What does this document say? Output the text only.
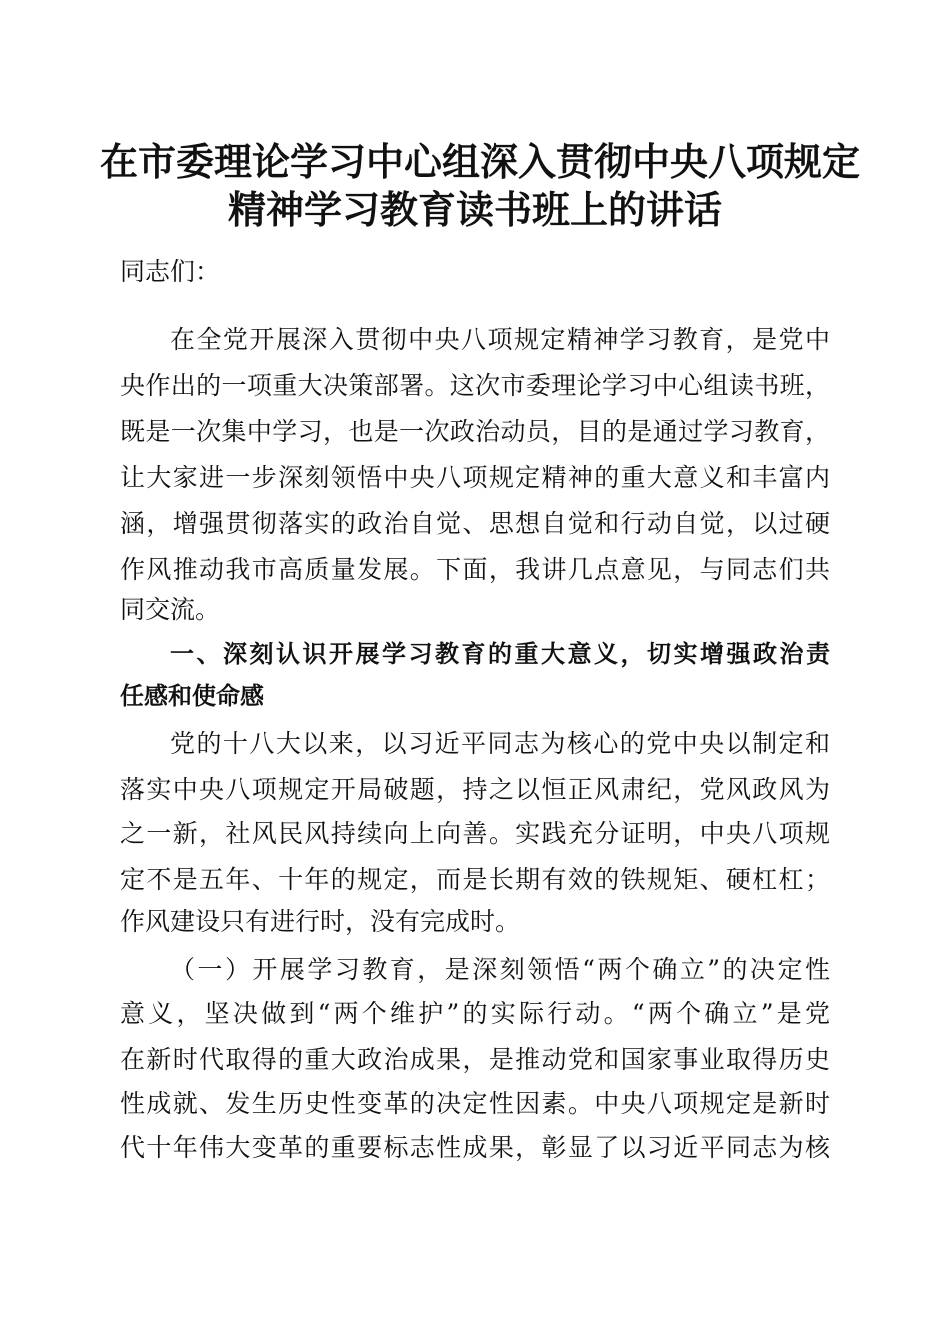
在市委理论学习中心组深入贯彻中央八项规定
精神学习教育读书班上的讲话
同志们：
在全党开展深入贯彻中央八项规定精神学习教育，是党中
央作出的一项重大决策部署。这次市委理论学习中心组读书班，
既是一次集中学习，也是一次政治动员，目的是通过学习教育，
让大家进一步深刻领悟中央八项规定精神的重大意义和丰富内
涵，增强贯彻落实的政治自觉、思想自觉和行动自觉，以过硬
作风推动我市高质量发展。下面，我讲几点意见，与同志们共
同交流。
一、深刻认识开展学习教育的重大意义，切实增强政治责
任感和使命感
党的十八大以来，以习近平同志为核心的党中央以制定和
落实中央八项规定开局破题，持之以恒正风肃纪，党风政风为
之一新，社风民风持续向上向善。实践充分证明，中央八项规
定不是五年、十年的规定，而是长期有效的铁规矩、硬杠杠；
作风建设只有进行时，没有完成时。
（一）开展学习教育，是深刻领悟“两个确立”的决定性
意义，坚决做到“两个维护”的实际行动。“两个确立”是党
在新时代取得的重大政治成果，是推动党和国家事业取得历史
性成就、发生历史性变革的决定性因素。中央八项规定是新时
代十年伟大变革的重要标志性成果，彰显了以习近平同志为核
